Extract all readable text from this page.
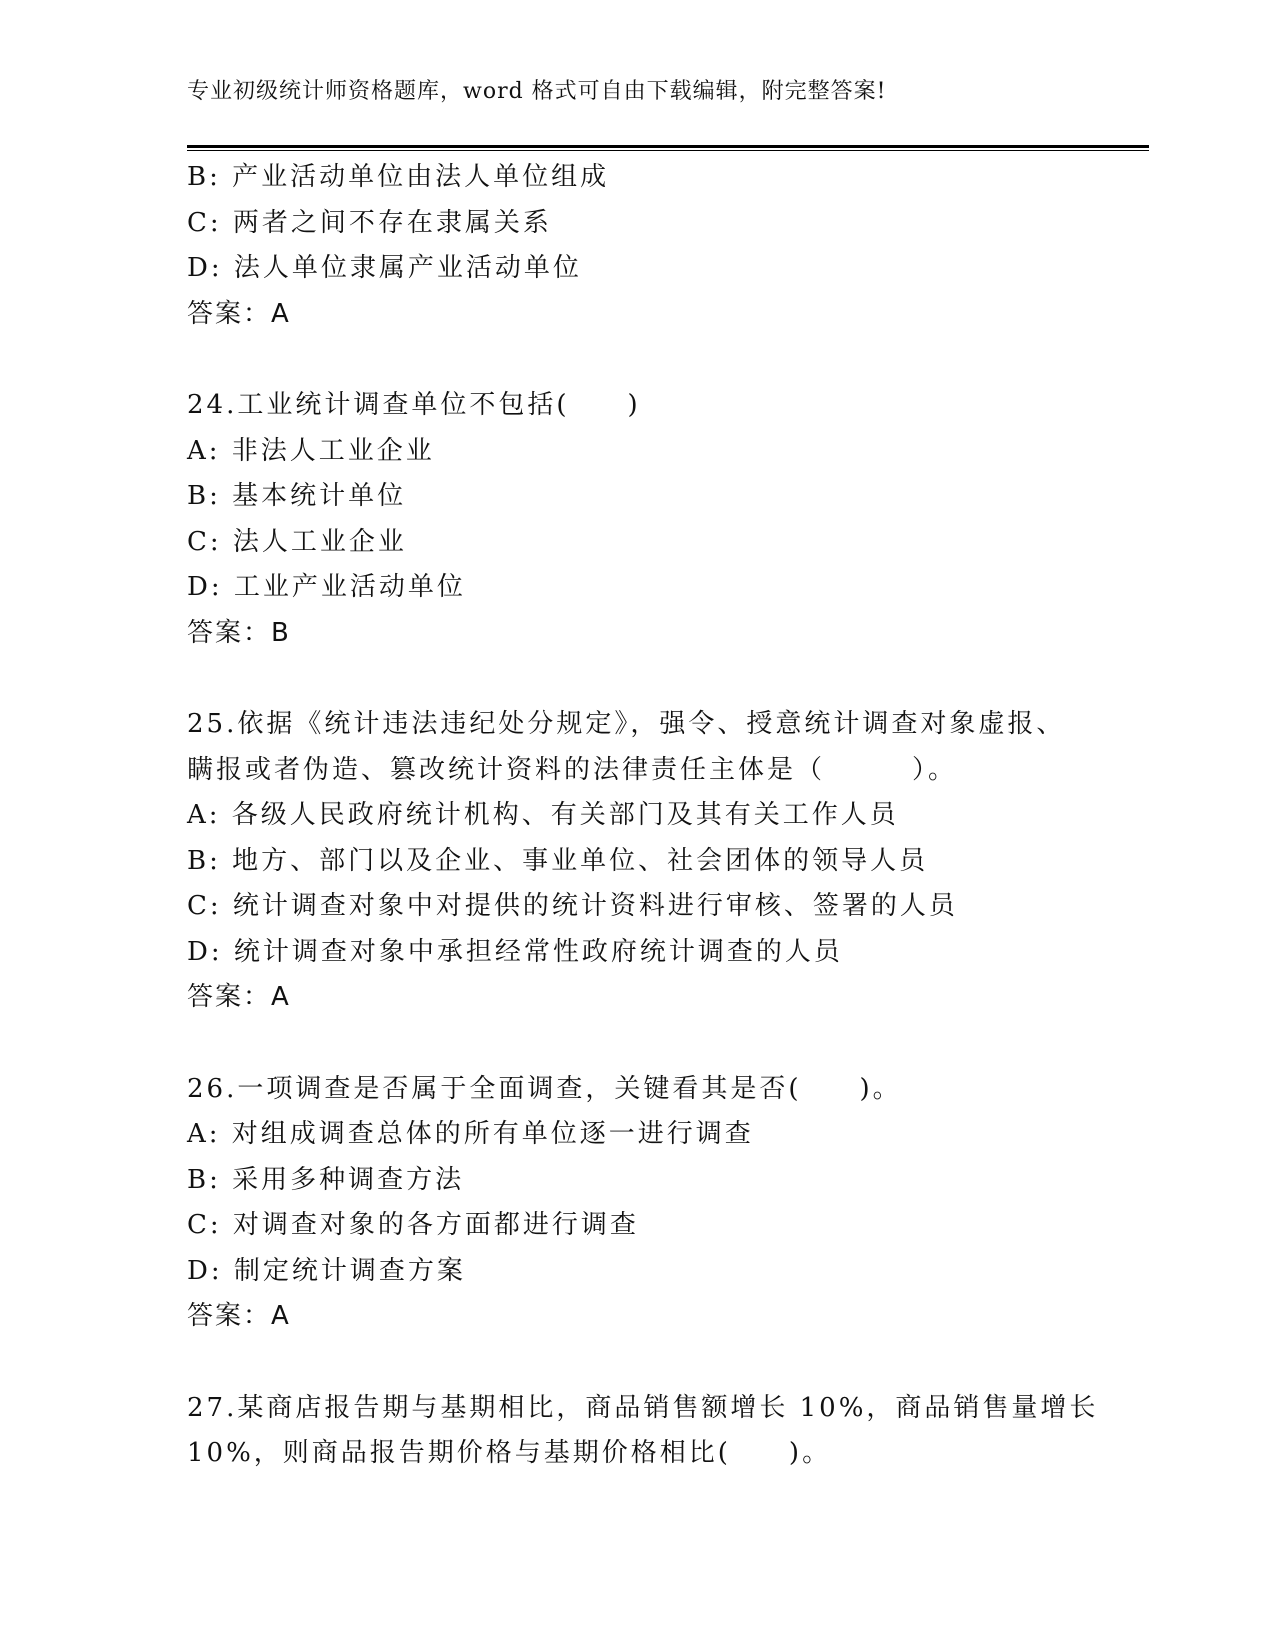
专业初级统计师资格题库，word 格式可自由下载编辑，附完整答案!
B: 产业活动单位由法人单位组成
C: 两者之间不存在隶属关系
D: 法人单位隶属产业活动单位
答案：A
24.工业统计调查单位不包括(　　)
A: 非法人工业企业
B: 基本统计单位
C: 法人工业企业
D: 工业产业活动单位
答案：B
25.依据《统计违法违纪处分规定》，强令、授意统计调查对象虚报、
瞒报或者伪造、篡改统计资料的法律责任主体是（　　　）。
A: 各级人民政府统计机构、有关部门及其有关工作人员
B: 地方、部门以及企业、事业单位、社会团体的领导人员
C: 统计调查对象中对提供的统计资料进行审核、签署的人员
D: 统计调查对象中承担经常性政府统计调查的人员
答案：A
26.一项调查是否属于全面调查，关键看其是否(　　)。
A: 对组成调查总体的所有单位逐一进行调查
B: 采用多种调查方法
C: 对调查对象的各方面都进行调查
D: 制定统计调查方案
答案：A
27.某商店报告期与基期相比，商品销售额增长 10%，商品销售量增长
10%，则商品报告期价格与基期价格相比(　　)。
